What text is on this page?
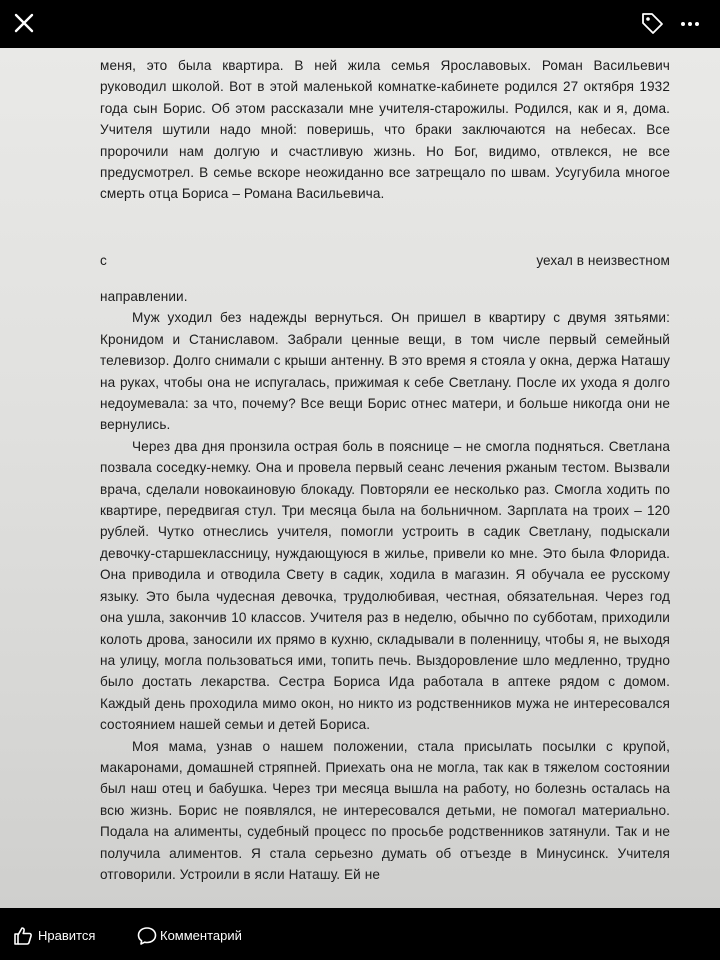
меня, это была квартира. В ней жила семья Ярославовых. Роман Васильевич руководил школой. Вот в этой маленькой комнатке-кабинете родился 27 октября 1932 года сын Борис. Об этом рассказали мне учителя-старожилы. Родился, как и я, дома. Учителя шутили надо мной: поверишь, что браки заключаются на небесах. Все пророчили нам долгую и счастливую жизнь. Но Бог, видимо, отвлекся, не все предусмотрел. В семье вскоре неожиданно все затрещало по швам. Усугубила многое смерть отца Бориса – Романа Васильевича.

с	уехал в неизвестном

направлении.

Муж уходил без надежды вернуться. Он пришел в квартиру с двумя зятьями: Кронидом и Станиславом. Забрали ценные вещи, в том числе первый семейный телевизор. Долго снимали с крыши антенну. В это время я стояла у окна, держа Наташу на руках, чтобы она не испугалась, прижимая к себе Светлану. После их ухода я долго недоумевала: за что, почему? Все вещи Борис отнес матери, и больше никогда они не вернулись.

Через два дня пронзила острая боль в пояснице – не смогла подняться. Светлана позвала соседку-немку. Она и провела первый сеанс лечения ржаным тестом. Вызвали врача, сделали новокаиновую блокаду. Повторяли ее несколько раз. Смогла ходить по квартире, передвигая стул. Три месяца была на больничном. Зарплата на троих – 120 рублей. Чутко отнеслись учителя, помогли устроить в садик Светлану, подыскали девочку-старшеклассницу, нуждающуюся в жилье, привели ко мне. Это была Флорида. Она приводила и отводила Свету в садик, ходила в магазин. Я обучала ее русскому языку. Это была чудесная девочка, трудолюбивая, честная, обязательная. Через год она ушла, закончив 10 классов. Учителя раз в неделю, обычно по субботам, приходили колоть дрова, заносили их прямо в кухню, складывали в поленницу, чтобы я, не выходя на улицу, могла пользоваться ими, топить печь. Выздоровление шло медленно, трудно было достать лекарства. Сестра Бориса Ида работала в аптеке рядом с домом. Каждый день проходила мимо окон, но никто из родственников мужа не интересовался состоянием нашей семьи и детей Бориса.

Моя мама, узнав о нашем положении, стала присылать посылки с крупой, макаронами, домашней стряпней. Приехать она не могла, так как в тяжелом состоянии был наш отец и бабушка. Через три месяца вышла на работу, но болезнь осталась на всю жизнь. Борис не появлялся, не интересовался детьми, не помогал материально. Подала на алименты, судебный процесс по просьбе родственников затянули. Так и не получила алиментов. Я стала серьезно думать об отъезде в Минусинск. Учителя отговорили. Устроили в ясли Наташу. Ей не

Нравится	Комментарий
